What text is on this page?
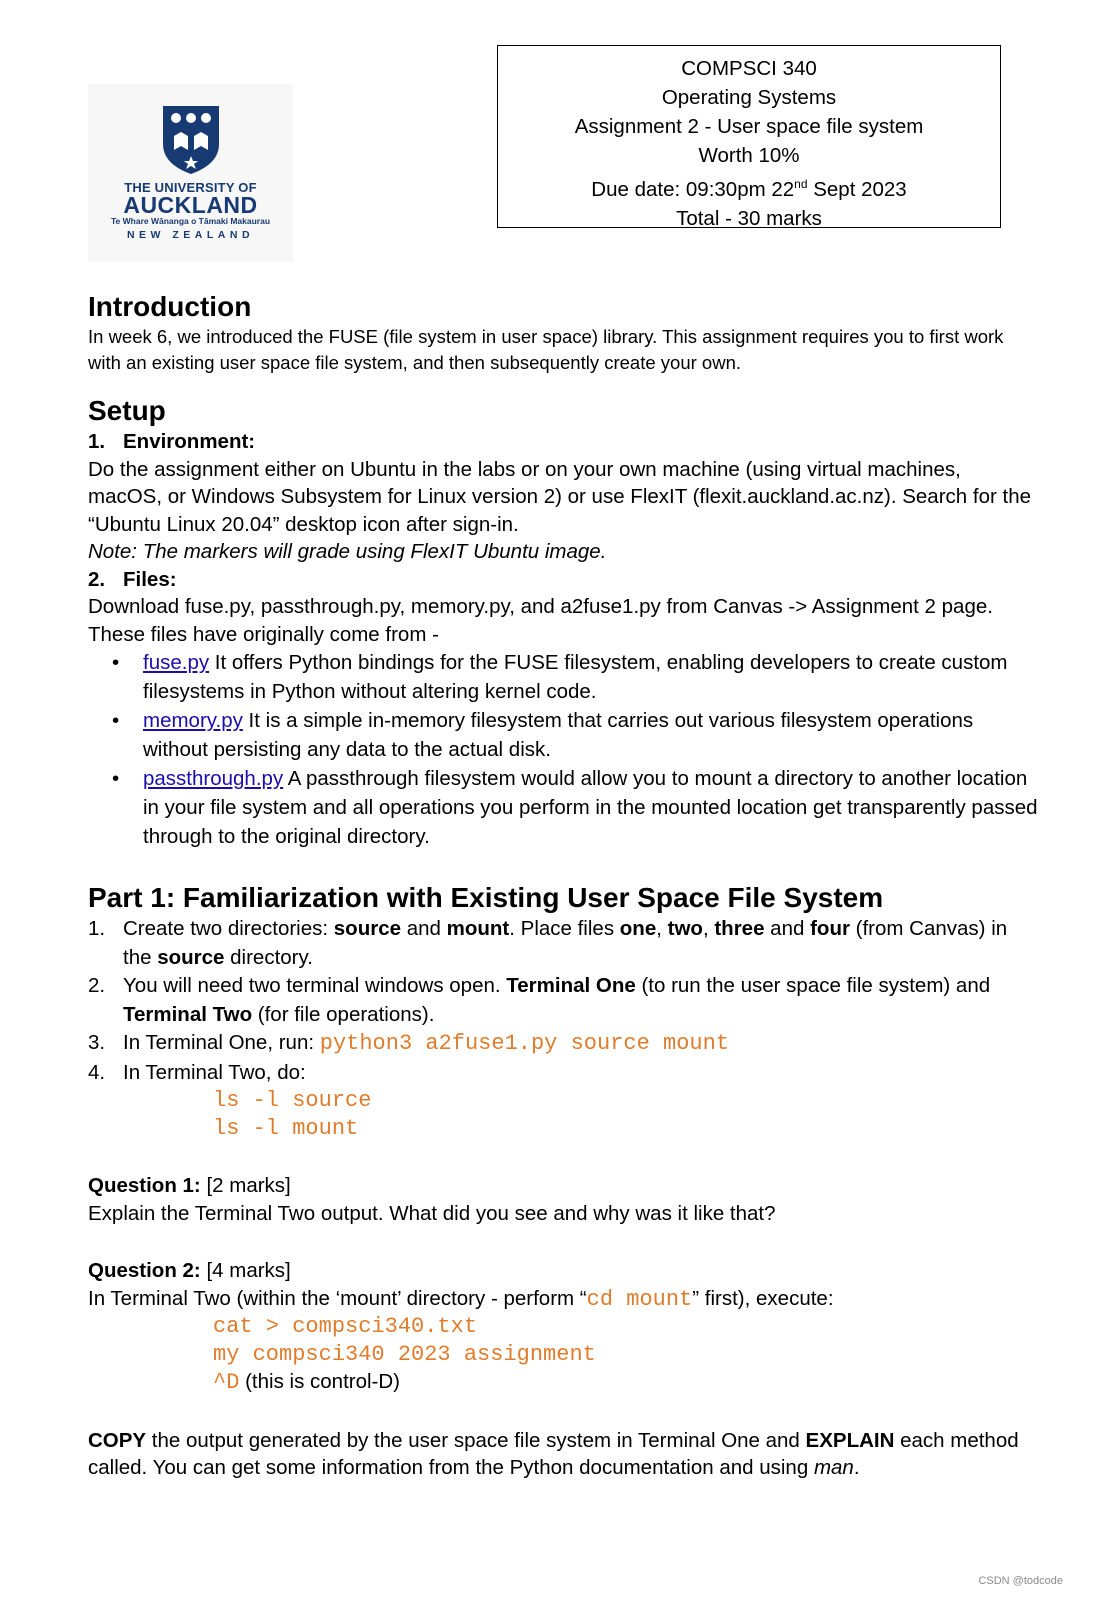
THE UNIVERSITY OF
AUCKLAND
Te Whare Wānanga o Tāmaki Makaurau
NEW ZEALAND
COMPSCI 340
Operating Systems
Assignment 2 - User space file system
Worth 10%
Due date: 09:30pm 22nd Sept 2023
Total - 30 marks
Introduction

In week 6, we introduced the FUSE (file system in user space) library. This assignment requires you to first work with an existing user space file system, and then subsequently create your own.

Setup
1. Environment:

Do the assignment either on Ubuntu in the labs or on your own machine (using virtual machines, macOS, or Windows Subsystem for Linux version 2) or use FlexIT (flexit.auckland.ac.nz). Search for the “Ubuntu Linux 20.04” desktop icon after sign-in.

Note: The markers will grade using FlexIT Ubuntu image.

2. Files:

Download fuse.py, passthrough.py, memory.py, and a2fuse1.py from Canvas -> Assignment 2 page.

These files have originally come from -

• fuse.py It offers Python bindings for the FUSE filesystem, enabling developers to create custom filesystems in Python without altering kernel code.
• memory.py It is a simple in-memory filesystem that carries out various filesystem operations without persisting any data to the actual disk.
• passthrough.py A passthrough filesystem would allow you to mount a directory to another location in your file system and all operations you perform in the mounted location get transparently passed through to the original directory.
Part 1: Familiarization with Existing User Space File System
1. Create two directories: source and mount. Place files one, two, three and four (from Canvas) in the source directory.
2. You will need two terminal windows open. Terminal One (to run the user space file system) and Terminal Two (for file operations).
3. In Terminal One, run: python3 a2fuse1.py source mount
4. In Terminal Two, do:
ls -l source
ls -l mount

Question 1: [2 marks]

Explain the Terminal Two output. What did you see and why was it like that?

Question 2: [4 marks]

In Terminal Two (within the ‘mount’ directory - perform “cd mount” first), execute:

cat > compsci340.txt
my compsci340 2023 assignment
^D (this is control-D)

COPY the output generated by the user space file system in Terminal One and EXPLAIN each method called. You can get some information from the Python documentation and using man.

CSDN @todcode
